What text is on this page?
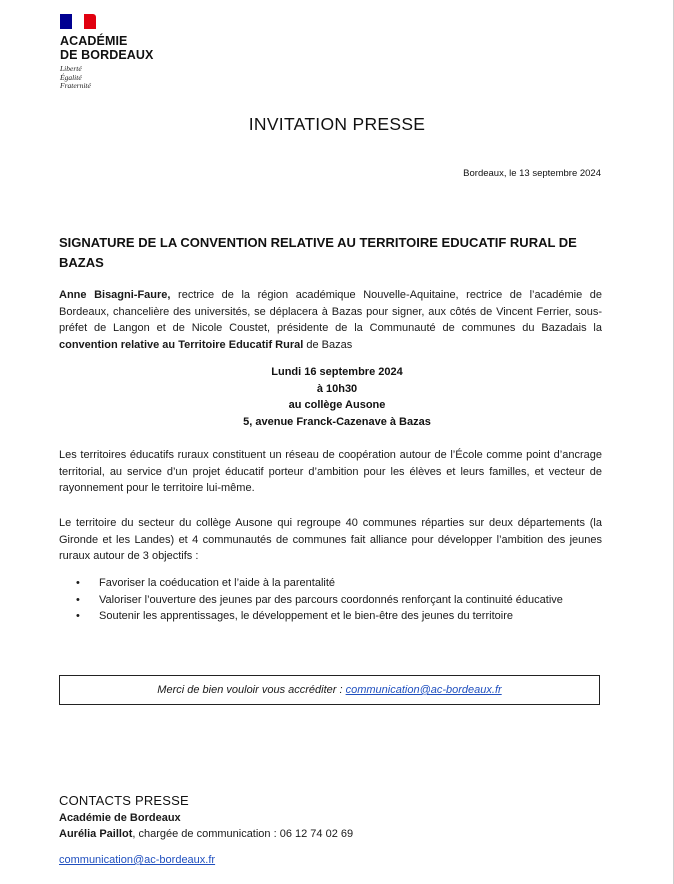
ACADÉMIE
DE BORDEAUX
Liberté
Égalité
Fraternité
INVITATION PRESSE
Bordeaux, le 13 septembre 2024
SIGNATURE DE LA CONVENTION RELATIVE AU TERRITOIRE EDUCATIF RURAL DE BAZAS
Anne Bisagni-Faure, rectrice de la région académique Nouvelle-Aquitaine, rectrice de l’académie de Bordeaux, chancelière des universités, se déplacera à Bazas pour signer, aux côtés de Vincent Ferrier, sous-préfet de Langon et de Nicole Coustet, présidente de la Communauté de communes du Bazadais la convention relative au Territoire Educatif Rural de Bazas
Lundi 16 septembre 2024
à 10h30
au collège Ausone
5, avenue Franck-Cazenave à Bazas
Les territoires éducatifs ruraux constituent un réseau de coopération autour de l’École comme point d’ancrage territorial, au service d’un projet éducatif porteur d’ambition pour les élèves et leurs familles, et vecteur de rayonnement pour le territoire lui-même.
Le territoire du secteur du collège Ausone qui regroupe 40 communes réparties sur deux départements (la Gironde et les Landes) et 4 communautés de communes fait alliance pour développer l’ambition des jeunes ruraux autour de 3 objectifs :
• Favoriser la coéducation et l’aide à la parentalité
• Valoriser l’ouverture des jeunes par des parcours coordonnés renforçant la continuité éducative
• Soutenir les apprentissages, le développement et le bien-être des jeunes du territoire
Merci de bien vouloir vous accréditer : communication@ac-bordeaux.fr
CONTACTS PRESSE
Académie de Bordeaux
Aurélia Paillot, chargée de communication : 06 12 74 02 69
communication@ac-bordeaux.fr
